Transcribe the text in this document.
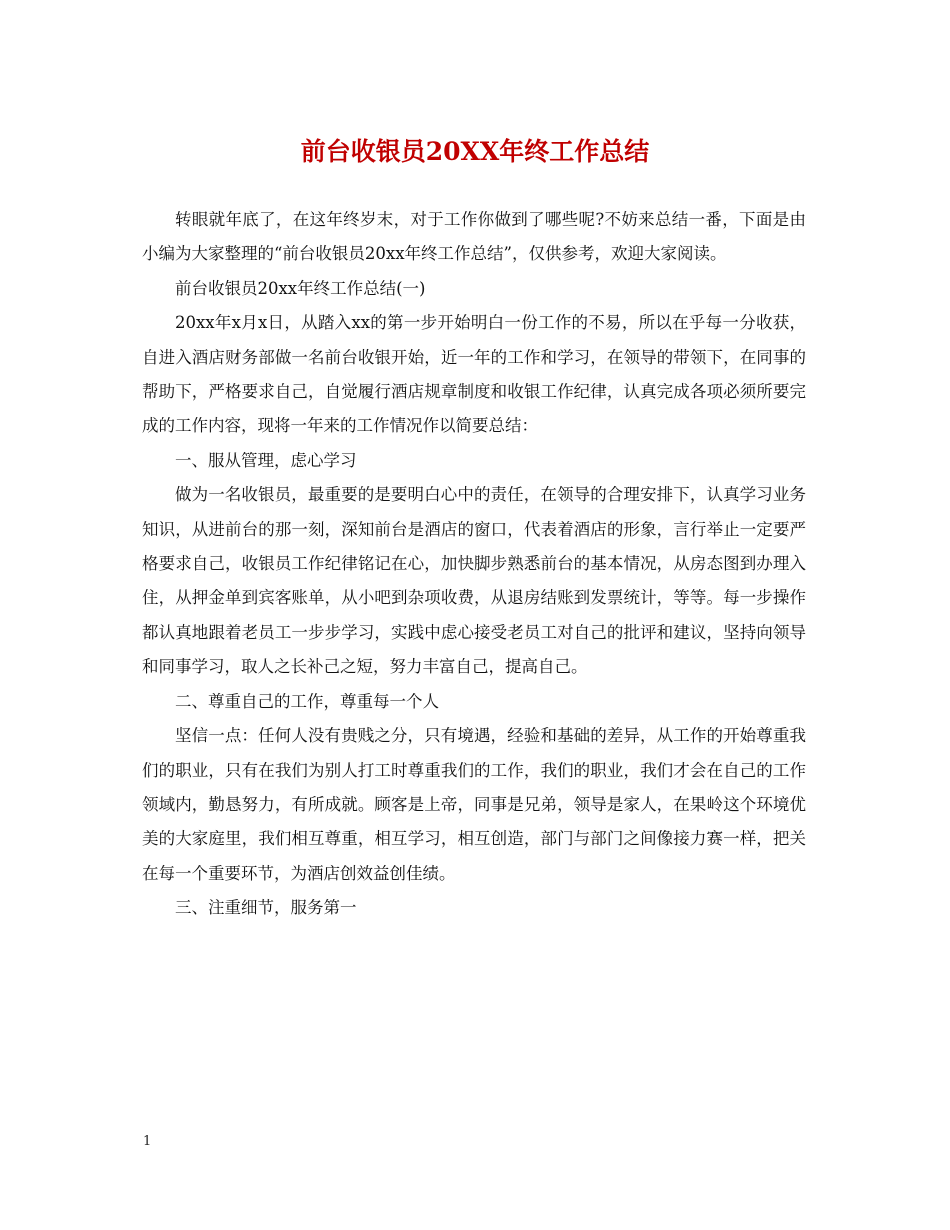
前台收银员20XX年终工作总结

转眼就年底了，在这年终岁末，对于工作你做到了哪些呢?不妨来总结一番，下面是由小编为大家整理的“前台收银员20xx年终工作总结”，仅供参考，欢迎大家阅读。

前台收银员20xx年终工作总结(一)

20xx年x月x日，从踏入xx的第一步开始明白一份工作的不易，所以在乎每一分收获，自进入酒店财务部做一名前台收银开始，近一年的工作和学习，在领导的带领下，在同事的帮助下，严格要求自己，自觉履行酒店规章制度和收银工作纪律，认真完成各项必须所要完成的工作内容，现将一年来的工作情况作以简要总结：

一、服从管理，虑心学习

做为一名收银员，最重要的是要明白心中的责任，在领导的合理安排下，认真学习业务知识，从进前台的那一刻，深知前台是酒店的窗口，代表着酒店的形象，言行举止一定要严格要求自己，收银员工作纪律铭记在心，加快脚步熟悉前台的基本情况，从房态图到办理入住，从押金单到宾客账单，从小吧到杂项收费，从退房结账到发票统计，等等。每一步操作都认真地跟着老员工一步步学习，实践中虑心接受老员工对自己的批评和建议，坚持向领导和同事学习，取人之长补己之短，努力丰富自己，提高自己。

二、尊重自己的工作，尊重每一个人

坚信一点：任何人没有贵贱之分，只有境遇，经验和基础的差异，从工作的开始尊重我们的职业，只有在我们为别人打工时尊重我们的工作，我们的职业，我们才会在自己的工作领域内，勤恳努力，有所成就。顾客是上帝，同事是兄弟，领导是家人，在果岭这个环境优美的大家庭里，我们相互尊重，相互学习，相互创造，部门与部门之间像接力赛一样，把关在每一个重要环节，为酒店创效益创佳绩。

三、注重细节，服务第一

1
